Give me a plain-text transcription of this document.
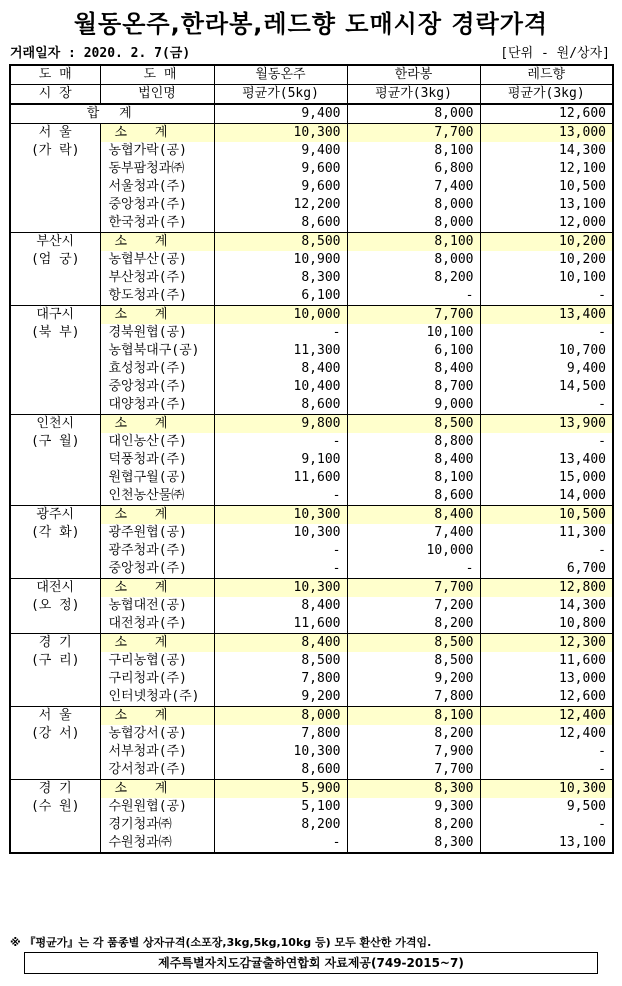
월동온주,한라봉,레드향 도매시장 경락가격
거래일자 : 2020. 2. 7(금)	[단위 - 원/상자]
도 매	도 매	월동온주	한라봉	레드향
시 장	법인명	평균가(5kg)	평균가(3kg)	평균가(3kg)
합 계		9,400	8,000	12,600

서 울
(가 락)	소 계	10,300	7,700	13,000
	농협가락(공)	9,400	8,100	14,300
	동부팜청과㈜	9,600	6,800	12,100
	서울청과(주)	9,600	7,400	10,500
	중앙청과(주)	12,200	8,000	13,100
	한국청과(주)	8,600	8,000	12,000

부산시
(엄 궁)	소 계	8,500	8,100	10,200
	농협부산(공)	10,900	8,000	10,200
	부산청과(주)	8,300	8,200	10,100
	항도청과(주)	6,100	-	-

대구시
(북 부)	소 계	10,000	7,700	13,400
	경북원협(공)	-	10,100	-
	농협북대구(공)	11,300	6,100	10,700
	효성청과(주)	8,400	8,400	9,400
	중앙청과(주)	10,400	8,700	14,500
	대양청과(주)	8,600	9,000	-

인천시
(구 월)	소 계	9,800	8,500	13,900
	대인농산(주)	-	8,800	-
	덕풍청과(주)	9,100	8,400	13,400
	원협구월(공)	11,600	8,100	15,000
	인천농산물㈜	-	8,600	14,000

광주시
(각 화)	소 계	10,300	8,400	10,500
	광주원협(공)	10,300	7,400	11,300
	광주청과(주)	-	10,000	-
	중앙청과(주)	-	-	6,700

대전시
(오 정)	소 계	10,300	7,700	12,800
	농협대전(공)	8,400	7,200	14,300
	대전청과(주)	11,600	8,200	10,800

경 기
(구 리)	소 계	8,400	8,500	12,300
	구리농협(공)	8,500	8,500	11,600
	구리청과(주)	7,800	9,200	13,000
	인터넷청과(주)	9,200	7,800	12,600

서 울
(강 서)	소 계	8,000	8,100	12,400
	농협강서(공)	7,800	8,200	12,400
	서부청과(주)	10,300	7,900	-
	강서청과(주)	8,600	7,700	-

경 기
(수 원)	소 계	5,900	8,300	10,300
	수원원협(공)	5,100	9,300	9,500
	경기청과㈜	8,200	8,200	-
	수원청과㈜	-	8,300	13,100
※ 『평균가』는 각 품종별 상자규격(소포장,3kg,5kg,10kg 등) 모두 환산한 가격임.
제주특별자치도감귤출하연합회 자료제공(749-2015~7)
